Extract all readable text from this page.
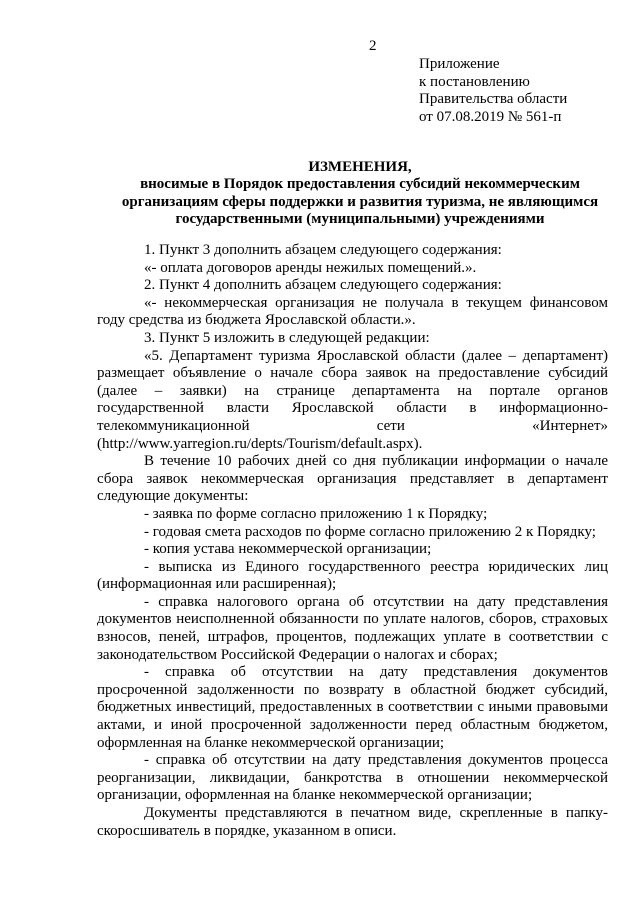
2
Приложение
к постановлению
Правительства области
от 07.08.2019 № 561-п
ИЗМЕНЕНИЯ,
вносимые в Порядок предоставления субсидий некоммерческим организациям сферы поддержки и развития туризма, не являющимся государственными (муниципальными) учреждениями

1. Пункт 3 дополнить абзацем следующего содержания:

«- оплата договоров аренды нежилых помещений.».

2. Пункт 4 дополнить абзацем следующего содержания:

«- некоммерческая организация не получала в текущем финансовом году средства из бюджета Ярославской области.».

3. Пункт 5 изложить в следующей редакции:

«5. Департамент туризма Ярославской области (далее – департамент) размещает объявление о начале сбора заявок на предоставление субсидий (далее – заявки) на странице департамента на портале органов государственной власти Ярославской области в информационно-телекоммуникационной сети «Интернет» (http://www.yarregion.ru/depts/Tourism/default.aspx).

В течение 10 рабочих дней со дня публикации информации о начале сбора заявок некоммерческая организация представляет в департамент следующие документы:

- заявка по форме согласно приложению 1 к Порядку;

- годовая смета расходов по форме согласно приложению 2 к Порядку;

- копия устава некоммерческой организации;

- выписка из Единого государственного реестра юридических лиц (информационная или расширенная);

- справка налогового органа об отсутствии на дату представления документов неисполненной обязанности по уплате налогов, сборов, страховых взносов, пеней, штрафов, процентов, подлежащих уплате в соответствии с законодательством Российской Федерации о налогах и сборах;

- справка об отсутствии на дату представления документов просроченной задолженности по возврату в областной бюджет субсидий, бюджетных инвестиций, предоставленных в соответствии с иными правовыми актами, и иной просроченной задолженности перед областным бюджетом, оформленная на бланке некоммерческой организации;

- справка об отсутствии на дату представления документов процесса реорганизации, ликвидации, банкротства в отношении некоммерческой организации, оформленная на бланке некоммерческой организации;

Документы представляются в печатном виде, скрепленные в папку-скоросшиватель в порядке, указанном в описи.
